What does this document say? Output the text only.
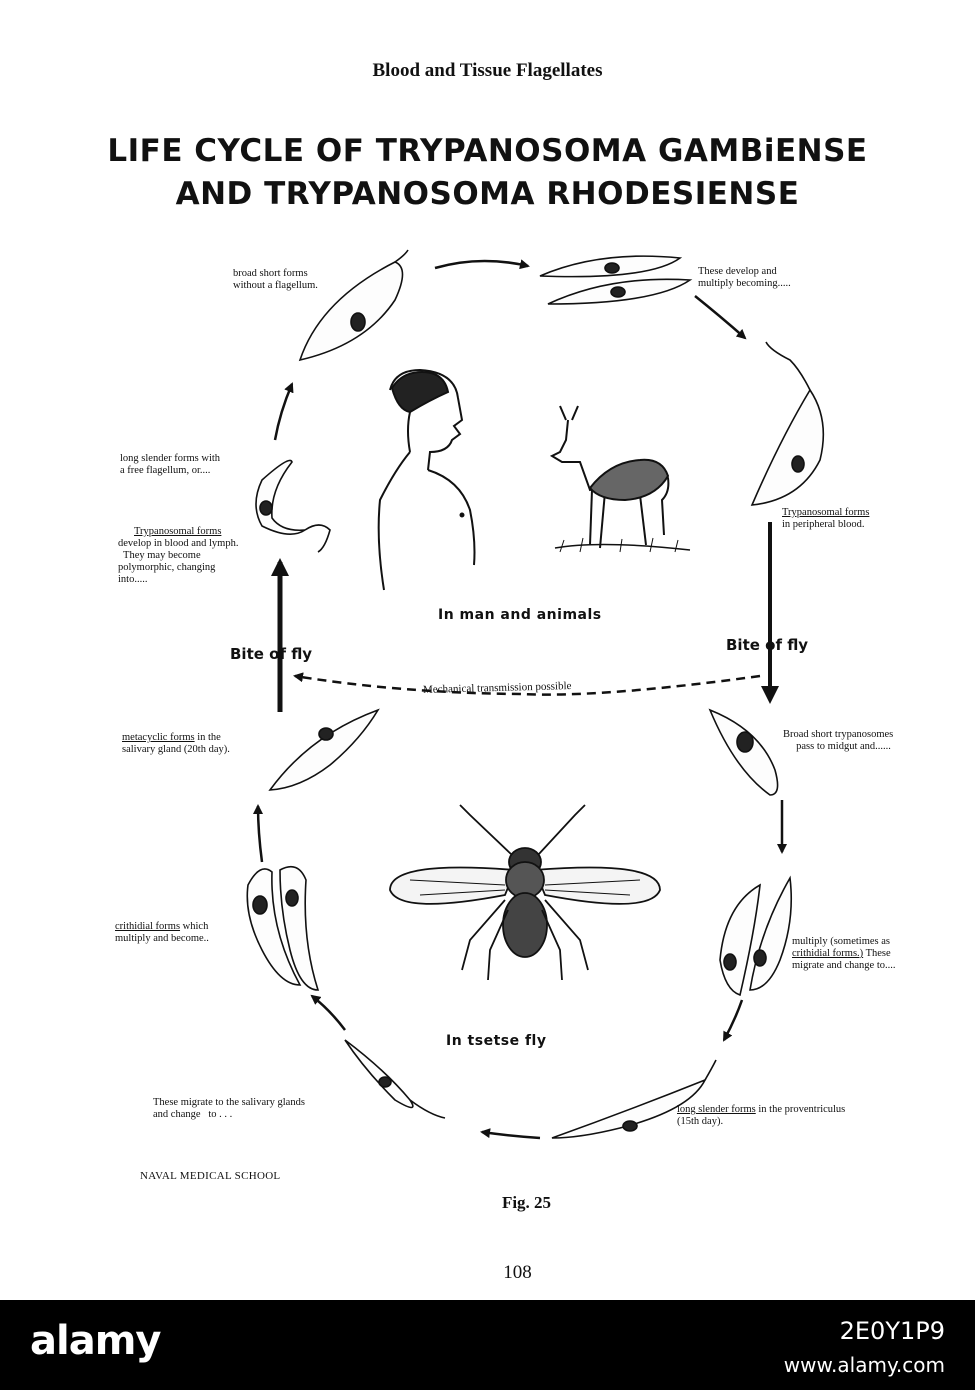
Blood and Tissue Flagellates
LIFE CYCLE OF TRYPANOSOMA GAMBiENSE
AND TRYPANOSOMA RHODESIENSE
broad short forms
without a flagellum.
These develop and
multiply becoming.....
Trypanosomal forms
in peripheral blood.
long slender forms with
a free flagellum, or....
Trypanosomal forms
develop in blood and lymph.
They may become
polymorphic, changing
into.....
In man and animals
Bite of fly	Bite of fly
Mechanical transmission possible
metacyclic forms in the
salivary gland (20th day).
Broad short trypanosomes
pass to midgut and......
crithidial forms which
multiply and become..	multiply (sometimes as
crithidial forms.) These
migrate and change to....
In tsetse fly
These migrate to the salivary glands
and change   to . . .	long slender forms in the proventriculus
(15th day).
NAVAL MEDICAL SCHOOL
Fig. 25
108
alamy	2E0Y1P9
www.alamy.com
